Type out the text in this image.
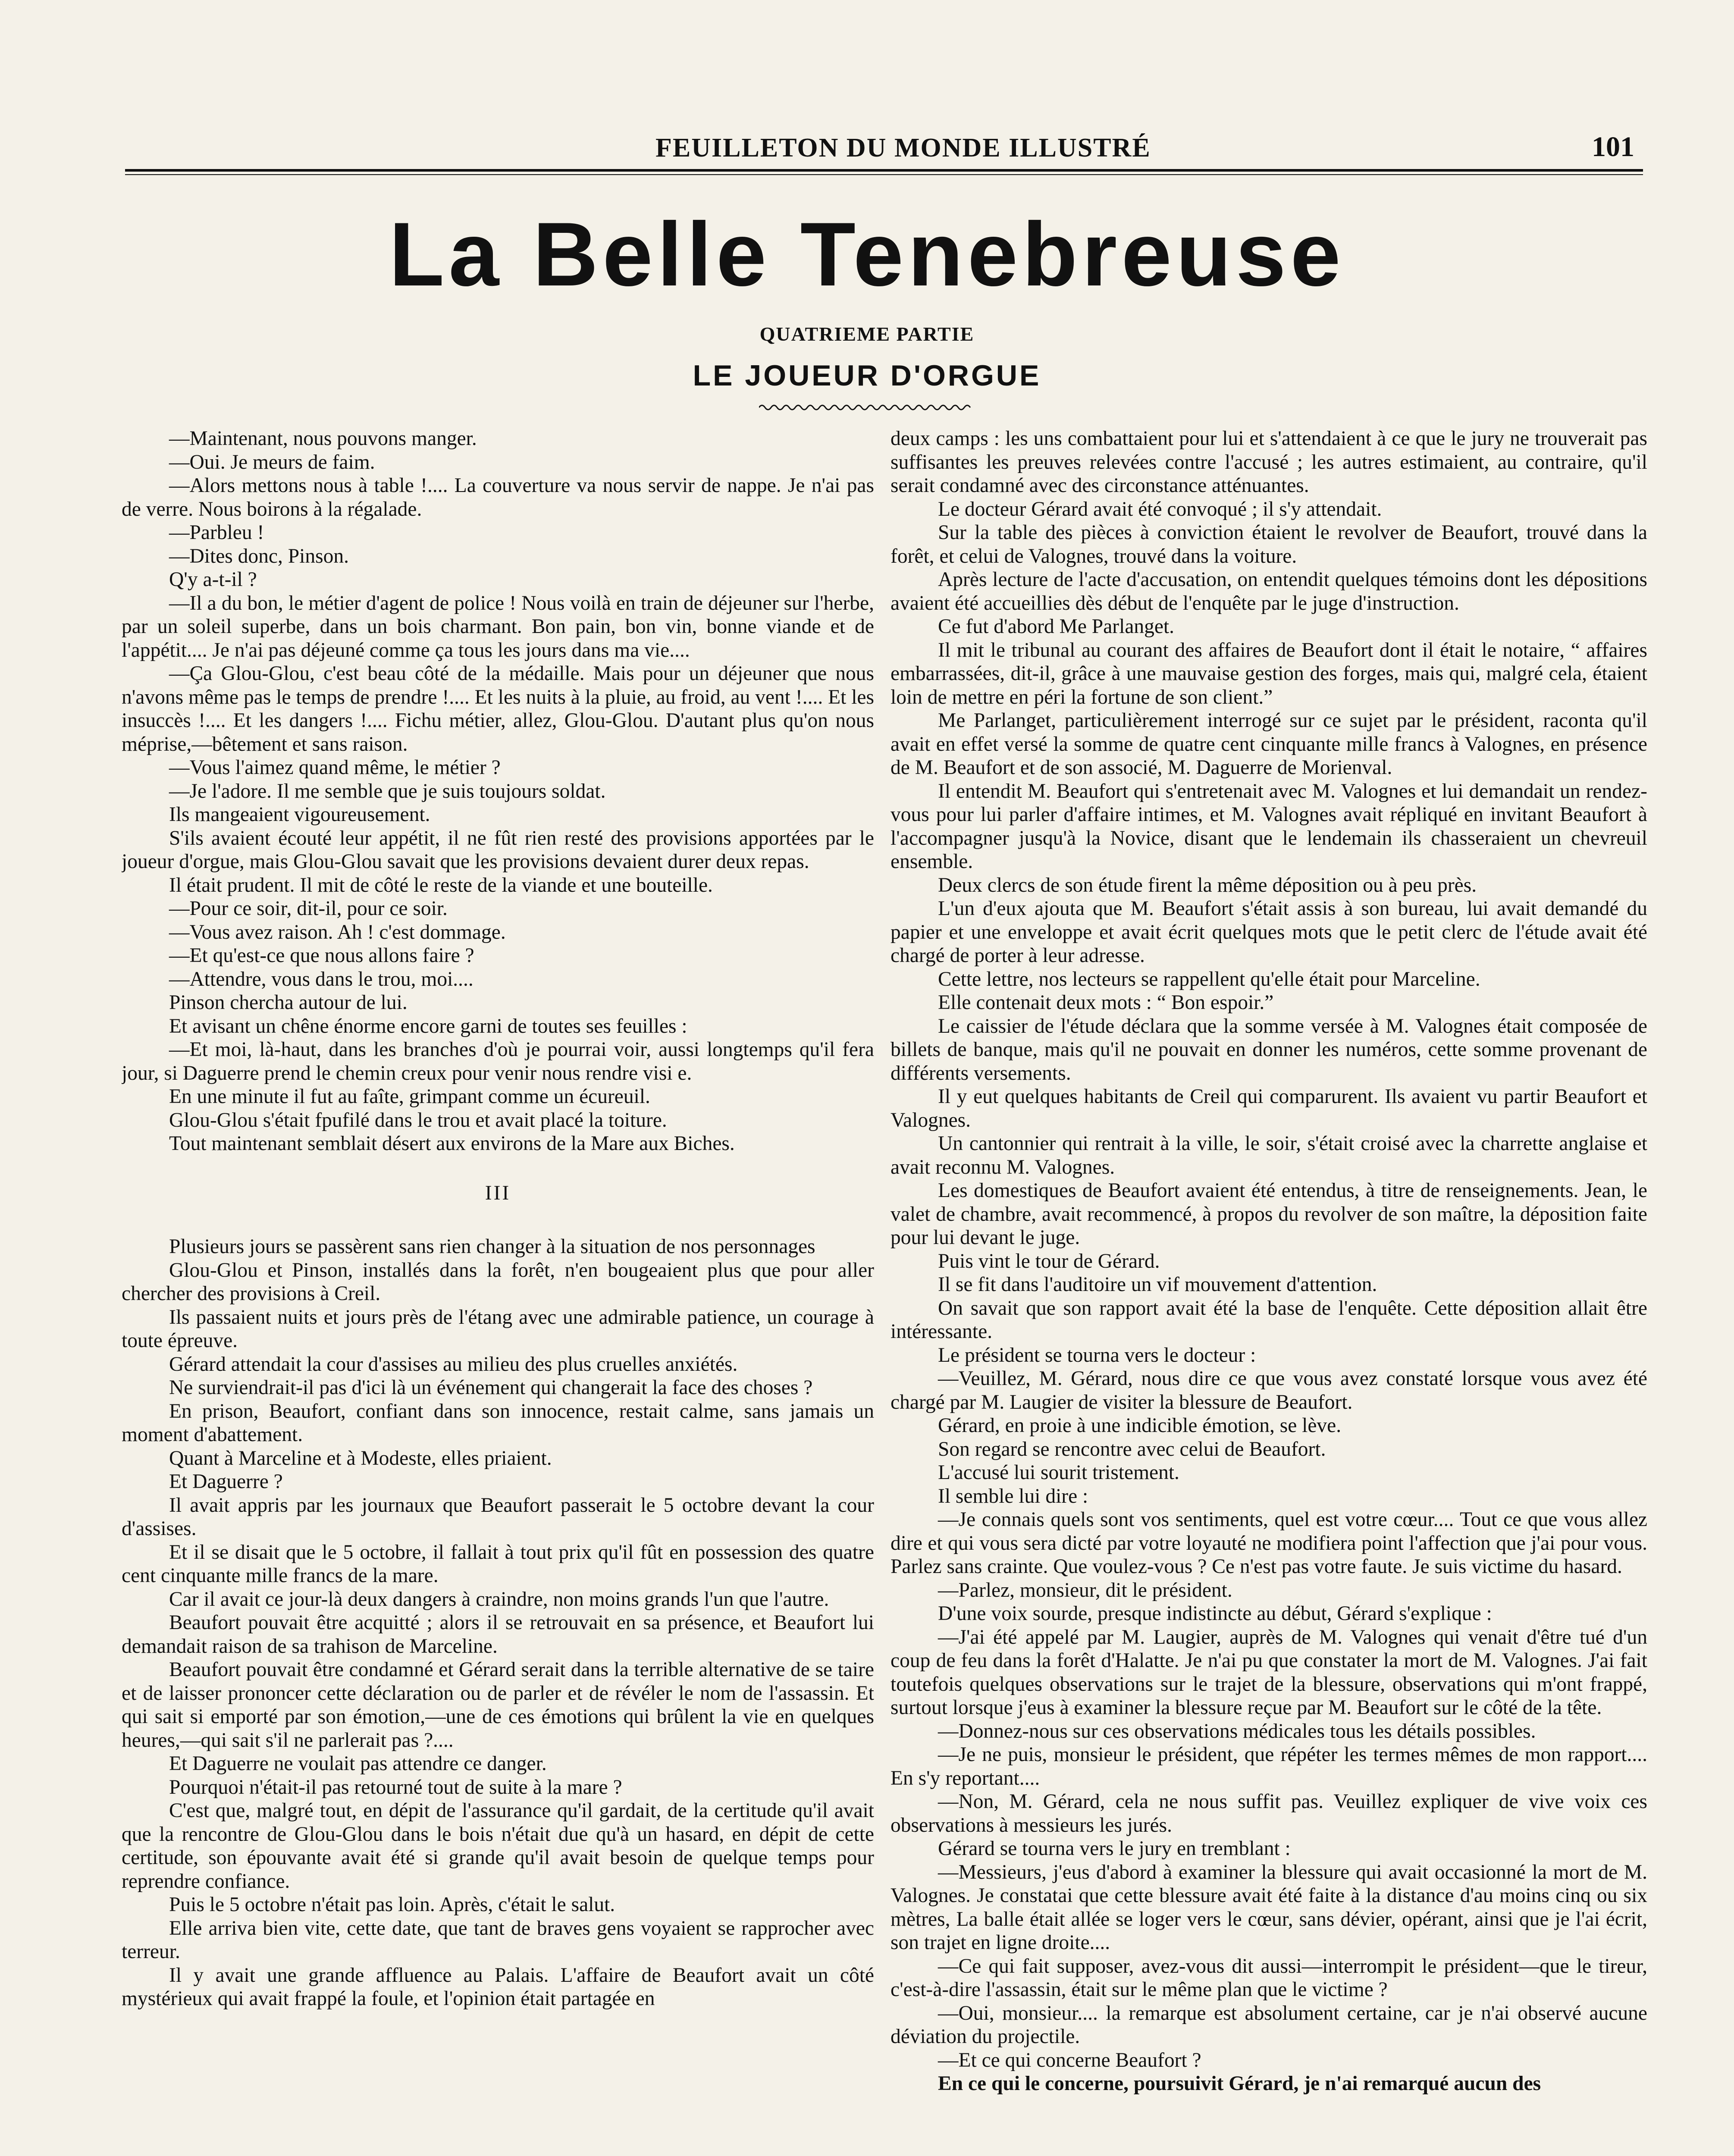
FEUILLETON DU MONDE ILLUSTRÉ	101
La Belle Tenebreuse
QUATRIEME PARTIE
LE JOUEUR D'ORGUE

—Maintenant, nous pouvons manger.

—Oui. Je meurs de faim.

—Alors mettons nous à table !.... La couverture va nous servir de nappe. Je n'ai pas de verre. Nous boirons à la régalade.

—Parbleu !

—Dites donc, Pinson.

Q'y a-t-il ?

—Il a du bon, le métier d'agent de police ! Nous voilà en train de déjeuner sur l'herbe, par un soleil superbe, dans un bois charmant. Bon pain, bon vin, bonne viande et de l'appétit.... Je n'ai pas déjeuné comme ça tous les jours dans ma vie....

—Ça Glou-Glou, c'est beau côté de la médaille. Mais pour un déjeuner que nous n'avons même pas le temps de prendre !.... Et les nuits à la pluie, au froid, au vent !.... Et les insuccès !.... Et les dangers !.... Fichu métier, allez, Glou-Glou. D'autant plus qu'on nous méprise,—bêtement et sans raison.

—Vous l'aimez quand même, le métier ?

—Je l'adore. Il me semble que je suis toujours soldat.

Ils mangeaient vigoureusement.

S'ils avaient écouté leur appétit, il ne fût rien resté des provisions apportées par le joueur d'orgue, mais Glou-Glou savait que les provisions devaient durer deux repas.

Il était prudent. Il mit de côté le reste de la viande et une bouteille.

—Pour ce soir, dit-il, pour ce soir.

—Vous avez raison. Ah ! c'est dommage.

—Et qu'est-ce que nous allons faire ?

—Attendre, vous dans le trou, moi....

Pinson chercha autour de lui.

Et avisant un chêne énorme encore garni de toutes ses feuilles :

—Et moi, là-haut, dans les branches d'où je pourrai voir, aussi longtemps qu'il fera jour, si Daguerre prend le chemin creux pour venir nous rendre visi e.

En une minute il fut au faîte, grimpant comme un écureuil.

Glou-Glou s'était fpufilé dans le trou et avait placé la toiture.

Tout maintenant semblait désert aux environs de la Mare aux Biches.

III

Plusieurs jours se passèrent sans rien changer à la situation de nos personnages

Glou-Glou et Pinson, installés dans la forêt, n'en bougeaient plus que pour aller chercher des provisions à Creil.

Ils passaient nuits et jours près de l'étang avec une admirable patience, un courage à toute épreuve.

Gérard attendait la cour d'assises au milieu des plus cruelles anxiétés.

Ne surviendrait-il pas d'ici là un événement qui changerait la face des choses ?

En prison, Beaufort, confiant dans son innocence, restait calme, sans jamais un moment d'abattement.

Quant à Marceline et à Modeste, elles priaient.

Et Daguerre ?

Il avait appris par les journaux que Beaufort passerait le 5 octobre devant la cour d'assises.

Et il se disait que le 5 octobre, il fallait à tout prix qu'il fût en possession des quatre cent cinquante mille francs de la mare.

Car il avait ce jour-là deux dangers à craindre, non moins grands l'un que l'autre.

Beaufort pouvait être acquitté ; alors il se retrouvait en sa présence, et Beaufort lui demandait raison de sa trahison de Marceline.

Beaufort pouvait être condamné et Gérard serait dans la terrible alternative de se taire et de laisser prononcer cette déclaration ou de parler et de révéler le nom de l'assassin. Et qui sait si emporté par son émotion,—une de ces émotions qui brûlent la vie en quelques heures,—qui sait s'il ne parlerait pas ?....

Et Daguerre ne voulait pas attendre ce danger.

Pourquoi n'était-il pas retourné tout de suite à la mare ?

C'est que, malgré tout, en dépit de l'assurance qu'il gardait, de la certitude qu'il avait que la rencontre de Glou-Glou dans le bois n'était due qu'à un hasard, en dépit de cette certitude, son épouvante avait été si grande qu'il avait besoin de quelque temps pour reprendre confiance.

Puis le 5 octobre n'était pas loin. Après, c'était le salut.

Elle arriva bien vite, cette date, que tant de braves gens voyaient se rapprocher avec terreur.

Il y avait une grande affluence au Palais. L'affaire de Beaufort avait un côté mystérieux qui avait frappé la foule, et l'opinion était partagée en

deux camps : les uns combattaient pour lui et s'attendaient à ce que le jury ne trouverait pas suffisantes les preuves relevées contre l'accusé ; les autres estimaient, au contraire, qu'il serait condamné avec des circonstance atténuantes.

Le docteur Gérard avait été convoqué ; il s'y attendait.

Sur la table des pièces à conviction étaient le revolver de Beaufort, trouvé dans la forêt, et celui de Valognes, trouvé dans la voiture.

Après lecture de l'acte d'accusation, on entendit quelques témoins dont les dépositions avaient été accueillies dès début de l'enquête par le juge d'instruction.

Ce fut d'abord Me Parlanget.

Il mit le tribunal au courant des affaires de Beaufort dont il était le notaire, “ affaires embarrassées, dit-il, grâce à une mauvaise gestion des forges, mais qui, malgré cela, étaient loin de mettre en péri la fortune de son client.”

Me Parlanget, particulièrement interrogé sur ce sujet par le président, raconta qu'il avait en effet versé la somme de quatre cent cinquante mille francs à Valognes, en présence de M. Beaufort et de son associé, M. Daguerre de Morienval.

Il entendit M. Beaufort qui s'entretenait avec M. Valognes et lui demandait un rendez-vous pour lui parler d'affaire intimes, et M. Valognes avait répliqué en invitant Beaufort à l'accompagner jusqu'à la Novice, disant que le lendemain ils chasseraient un chevreuil ensemble.

Deux clercs de son étude firent la même déposition ou à peu près.

L'un d'eux ajouta que M. Beaufort s'était assis à son bureau, lui avait demandé du papier et une enveloppe et avait écrit quelques mots que le petit clerc de l'étude avait été chargé de porter à leur adresse.

Cette lettre, nos lecteurs se rappellent qu'elle était pour Marceline.

Elle contenait deux mots : “ Bon espoir.”

Le caissier de l'étude déclara que la somme versée à M. Valognes était composée de billets de banque, mais qu'il ne pouvait en donner les numéros, cette somme provenant de différents versements.

Il y eut quelques habitants de Creil qui comparurent. Ils avaient vu partir Beaufort et Valognes.

Un cantonnier qui rentrait à la ville, le soir, s'était croisé avec la charrette anglaise et avait reconnu M. Valognes.

Les domestiques de Beaufort avaient été entendus, à titre de renseignements. Jean, le valet de chambre, avait recommencé, à propos du revolver de son maître, la déposition faite pour lui devant le juge.

Puis vint le tour de Gérard.

Il se fit dans l'auditoire un vif mouvement d'attention.

On savait que son rapport avait été la base de l'enquête. Cette déposition allait être intéressante.

Le président se tourna vers le docteur :

—Veuillez, M. Gérard, nous dire ce que vous avez constaté lorsque vous avez été chargé par M. Laugier de visiter la blessure de Beaufort.

Gérard, en proie à une indicible émotion, se lève.

Son regard se rencontre avec celui de Beaufort.

L'accusé lui sourit tristement.

Il semble lui dire :

—Je connais quels sont vos sentiments, quel est votre cœur.... Tout ce que vous allez dire et qui vous sera dicté par votre loyauté ne modifiera point l'affection que j'ai pour vous. Parlez sans crainte. Que voulez-vous ? Ce n'est pas votre faute. Je suis victime du hasard.

—Parlez, monsieur, dit le président.

D'une voix sourde, presque indistincte au début, Gérard s'explique :

—J'ai été appelé par M. Laugier, auprès de M. Valognes qui venait d'être tué d'un coup de feu dans la forêt d'Halatte. Je n'ai pu que constater la mort de M. Valognes. J'ai fait toutefois quelques observations sur le trajet de la blessure, observations qui m'ont frappé, surtout lorsque j'eus à examiner la blessure reçue par M. Beaufort sur le côté de la tête.

—Donnez-nous sur ces observations médicales tous les détails possibles.

—Je ne puis, monsieur le président, que répéter les termes mêmes de mon rapport.... En s'y reportant....

—Non, M. Gérard, cela ne nous suffit pas. Veuillez expliquer de vive voix ces observations à messieurs les jurés.

Gérard se tourna vers le jury en tremblant :

—Messieurs, j'eus d'abord à examiner la blessure qui avait occasionné la mort de M. Valognes. Je constatai que cette blessure avait été faite à la distance d'au moins cinq ou six mètres, La balle était allée se loger vers le cœur, sans dévier, opérant, ainsi que je l'ai écrit, son trajet en ligne droite....

—Ce qui fait supposer, avez-vous dit aussi—interrompit le président—que le tireur, c'est-à-dire l'assassin, était sur le même plan que le victime ?

—Oui, monsieur.... la remarque est absolument certaine, car je n'ai observé aucune déviation du projectile.

—Et ce qui concerne Beaufort ?

En ce qui le concerne, poursuivit Gérard, je n'ai remarqué aucun des
